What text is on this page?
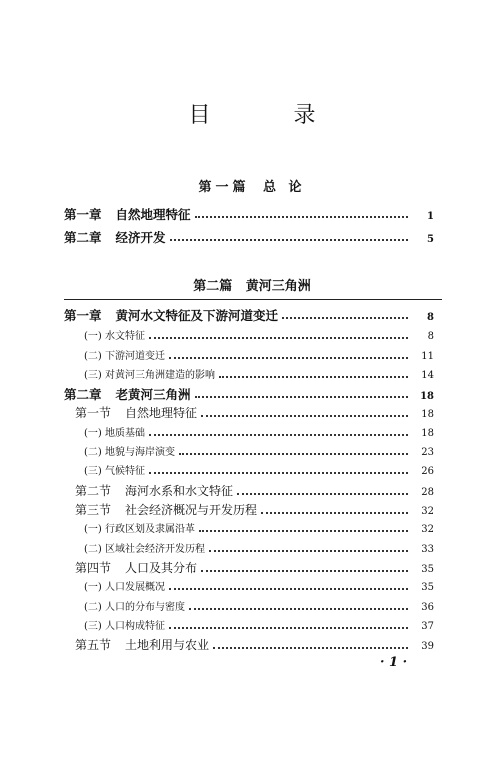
目 录
第一篇 总 论
第二篇 黄河三角洲
第一章 自然地理特征	1
第二章 经济开发	5
第一章 黄河水文特征及下游河道变迁	8
(一) 水文特征	8
(二) 下游河道变迁	11
(三) 对黄河三角洲建造的影响	14
第二章 老黄河三角洲	18
第一节 自然地理特征	18
(一) 地质基础	18
(二) 地貌与海岸演变	23
(三) 气候特征	26
第二节 海河水系和水文特征	28
第三节 社会经济概况与开发历程	32
(一) 行政区划及隶属沿革	32
(二) 区域社会经济开发历程	33
第四节 人口及其分布	35
(一) 人口发展概况	35
(二) 人口的分布与密度	36
(三) 人口构成特征	37
第五节 土地利用与农业	39
· 1 ·
